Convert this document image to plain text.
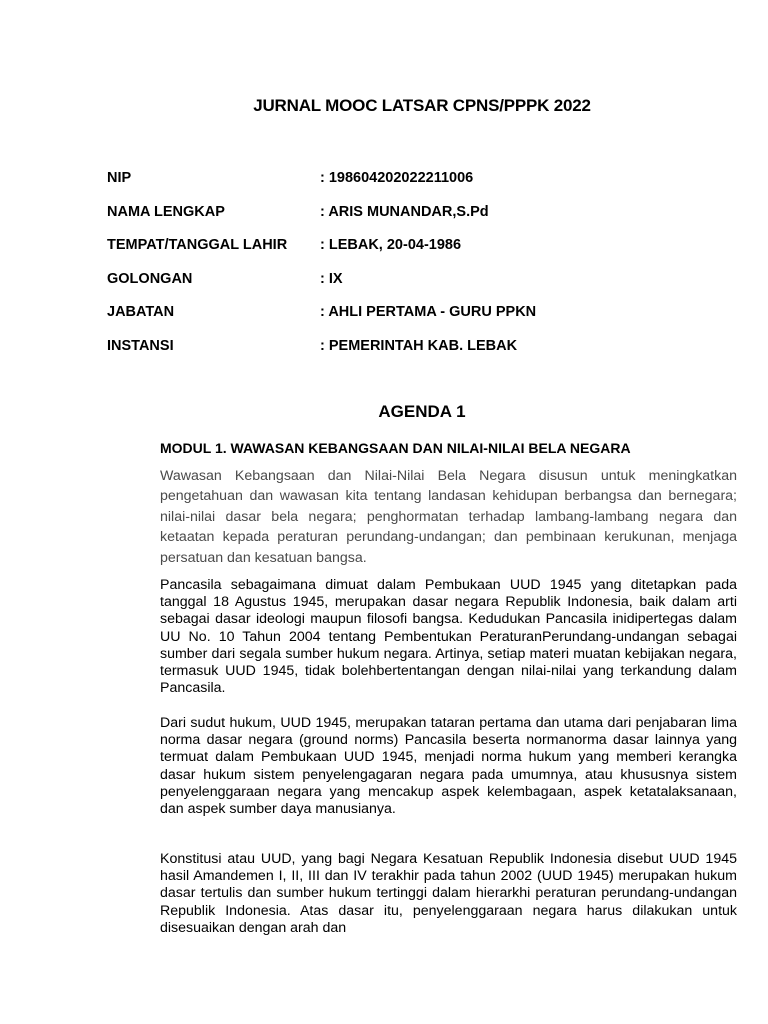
JURNAL MOOC LATSAR CPNS/PPPK 2022
NIP	: 198604202022211006
NAMA LENGKAP	: ARIS MUNANDAR,S.Pd
TEMPAT/TANGGAL LAHIR : LEBAK, 20-04-1986
GOLONGAN	: IX
JABATAN	: AHLI PERTAMA - GURU PPKN
INSTANSI	: PEMERINTAH KAB. LEBAK
AGENDA 1
MODUL 1. WAWASAN KEBANGSAAN DAN NILAI-NILAI BELA NEGARA

Wawasan Kebangsaan dan Nilai-Nilai Bela Negara disusun untuk meningkatkan pengetahuan dan wawasan kita tentang landasan kehidupan berbangsa dan bernegara; nilai-nilai dasar bela negara; penghormatan terhadap lambang-lambang negara dan ketaatan kepada peraturan perundang-undangan; dan pembinaan kerukunan, menjaga persatuan dan kesatuan bangsa.

Pancasila sebagaimana dimuat dalam Pembukaan UUD 1945 yang ditetapkan pada tanggal 18 Agustus 1945, merupakan dasar negara Republik Indonesia, baik dalam arti sebagai dasar ideologi maupun filosofi bangsa. Kedudukan Pancasila inidipertegas dalam UU No. 10 Tahun 2004 tentang Pembentukan PeraturanPerundang-undangan sebagai sumber dari segala sumber hukum negara. Artinya, setiap materi muatan kebijakan negara, termasuk UUD 1945, tidak bolehbertentangan dengan nilai-nilai yang terkandung dalam Pancasila.

Dari sudut hukum, UUD 1945, merupakan tataran pertama dan utama dari penjabaran lima norma dasar negara (ground norms) Pancasila beserta normanorma dasar lainnya yang termuat dalam Pembukaan UUD 1945, menjadi norma hukum yang memberi kerangka dasar hukum sistem penyelengagaran negara pada umumnya, atau khususnya sistem penyelenggaraan negara yang mencakup aspek kelembagaan, aspek ketatalaksanaan, dan aspek sumber daya manusianya.

Konstitusi atau UUD, yang bagi Negara Kesatuan Republik Indonesia disebut UUD 1945 hasil Amandemen I, II, III dan IV terakhir pada tahun 2002 (UUD 1945) merupakan hukum dasar tertulis dan sumber hukum tertinggi dalam hierarkhi peraturan perundang-undangan Republik Indonesia. Atas dasar itu, penyelenggaraan negara harus dilakukan untuk disesuaikan dengan arah dan
